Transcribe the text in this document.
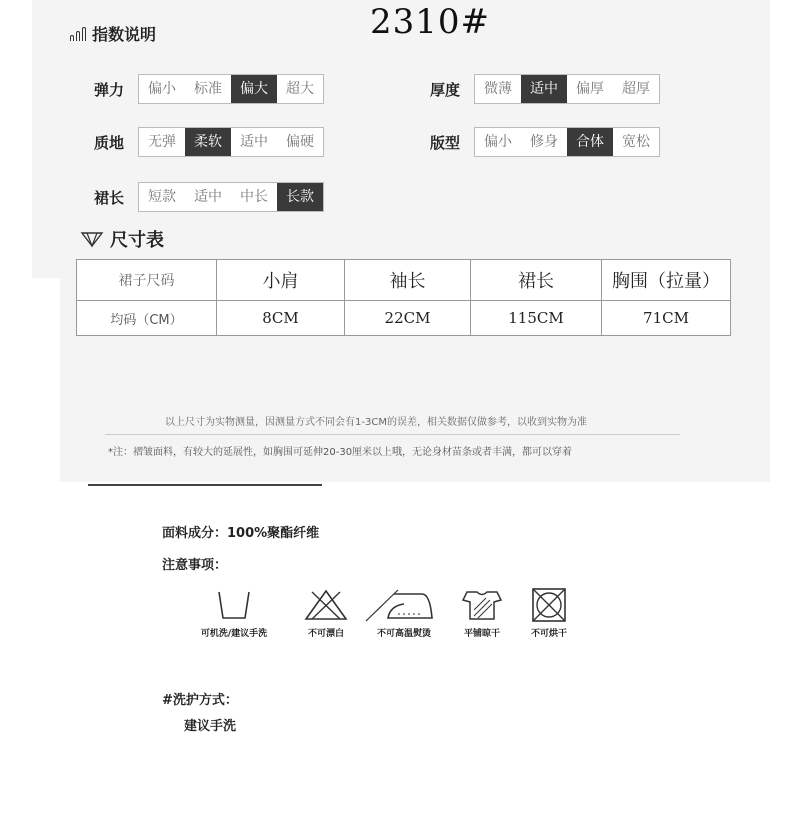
2310#
指数说明
弹力	偏小	标准	偏大	超大	厚度	微薄	适中	偏厚	超厚
质地	无弹	柔软	适中	偏硬	版型	偏小	修身	合体	宽松
裙长	短款	适中	中长	长款
尺寸表
裙子尺码	小肩	袖长	裙长	胸围（拉量）
均码（CM）	8CM	22CM	115CM	71CM
以上尺寸为实物测量，因测量方式不同会有1-3CM的误差，相关数据仅做参考，以收到实物为准
*注：褶皱面料，有较大的延展性，如胸围可延伸20-30厘米以上哦，无论身材苗条或者丰满，都可以穿着
面料成分：100%聚酯纤维
注意事项：
可机洗/建议手洗	不可漂白	不可高温熨烫	平铺晾干	不可烘干
#洗护方式：
建议手洗
